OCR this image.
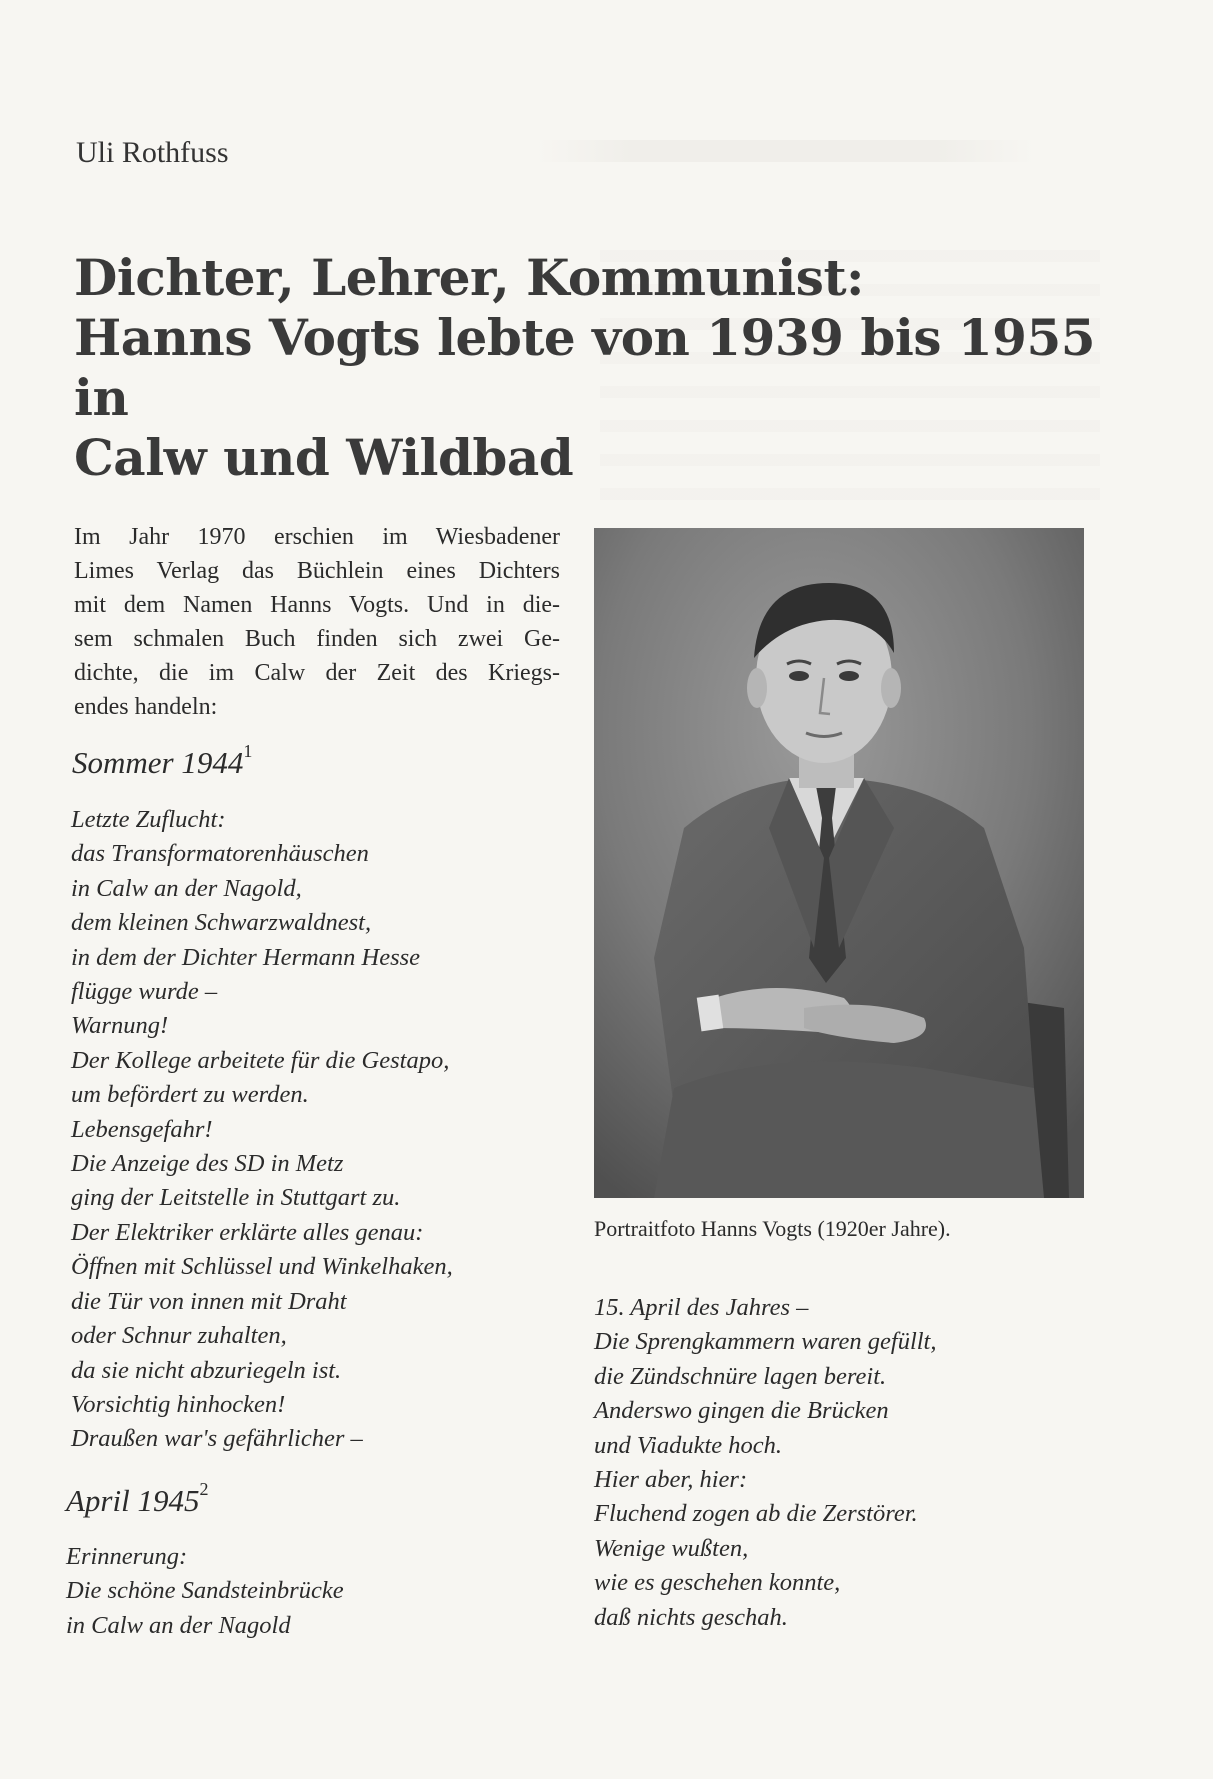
Uli Rothfuss
Dichter, Lehrer, Kommunist:
Hanns Vogts lebte von 1939 bis 1955 in
Calw und Wildbad
Im Jahr 1970 erschien im Wiesbadener
Limes Verlag das Büchlein eines Dichters
mit dem Namen Hanns Vogts. Und in die-
sem schmalen Buch finden sich zwei Ge-
dichte, die im Calw der Zeit des Kriegs-
endes handeln:
Sommer 1944$^1$
Letzte Zuflucht:
das Transformatorenhäuschen
in Calw an der Nagold,
dem kleinen Schwarzwaldnest,
in dem der Dichter Hermann Hesse
flügge wurde –
Warnung!
Der Kollege arbeitete für die Gestapo,
um befördert zu werden.
Lebensgefahr!
Die Anzeige des SD in Metz
ging der Leitstelle in Stuttgart zu.
Der Elektriker erklärte alles genau:
Öffnen mit Schlüssel und Winkelhaken,
die Tür von innen mit Draht
oder Schnur zuhalten,
da sie nicht abzuriegeln ist.
Vorsichtig hinhocken!
Draußen war's gefährlicher –
April 1945$^2$
Erinnerung:
Die schöne Sandsteinbrücke
in Calw an der Nagold
Portraitfoto Hanns Vogts (1920er Jahre).
15. April des Jahres –
Die Sprengkammern waren gefüllt,
die Zündschnüre lagen bereit.
Anderswo gingen die Brücken
und Viadukte hoch.
Hier aber, hier:
Fluchend zogen ab die Zerstörer.
Wenige wußten,
wie es geschehen konnte,
daß nichts geschah.
